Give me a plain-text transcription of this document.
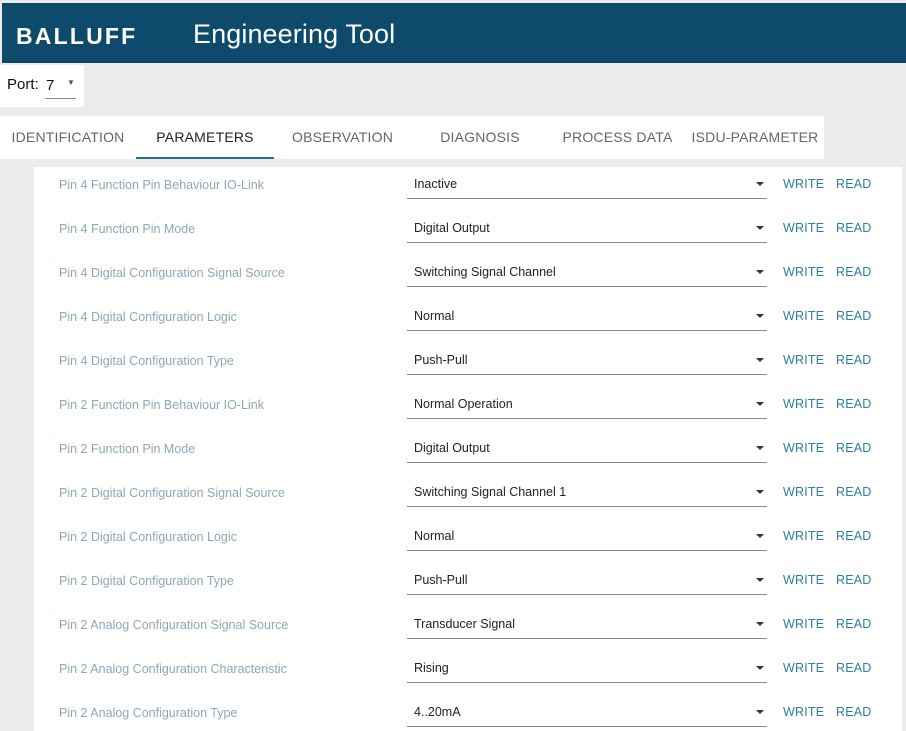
BALLUFF Engineering Tool
Port: 7 ▼
IDENTIFICATION	PARAMETERS	OBSERVATION	DIAGNOSIS	PROCESS DATA	ISDU-PARAMETER
Pin 4 Function Pin Behaviour IO-Link	Inactive	WRITE READ
Pin 4 Function Pin Mode	Digital Output	WRITE READ
Pin 4 Digital Configuration Signal Source	Switching Signal Channel	WRITE READ
Pin 4 Digital Configuration Logic	Normal	WRITE READ
Pin 4 Digital Configuration Type	Push-Pull	WRITE READ
Pin 2 Function Pin Behaviour IO-Link	Normal Operation	WRITE READ
Pin 2 Function Pin Mode	Digital Output	WRITE READ
Pin 2 Digital Configuration Signal Source	Switching Signal Channel 1	WRITE READ
Pin 2 Digital Configuration Logic	Normal	WRITE READ
Pin 2 Digital Configuration Type	Push-Pull	WRITE READ
Pin 2 Analog Configuration Signal Source	Transducer Signal	WRITE READ
Pin 2 Analog Configuration Characteristic	Rising	WRITE READ
Pin 2 Analog Configuration Type	4..20mA	WRITE READ
